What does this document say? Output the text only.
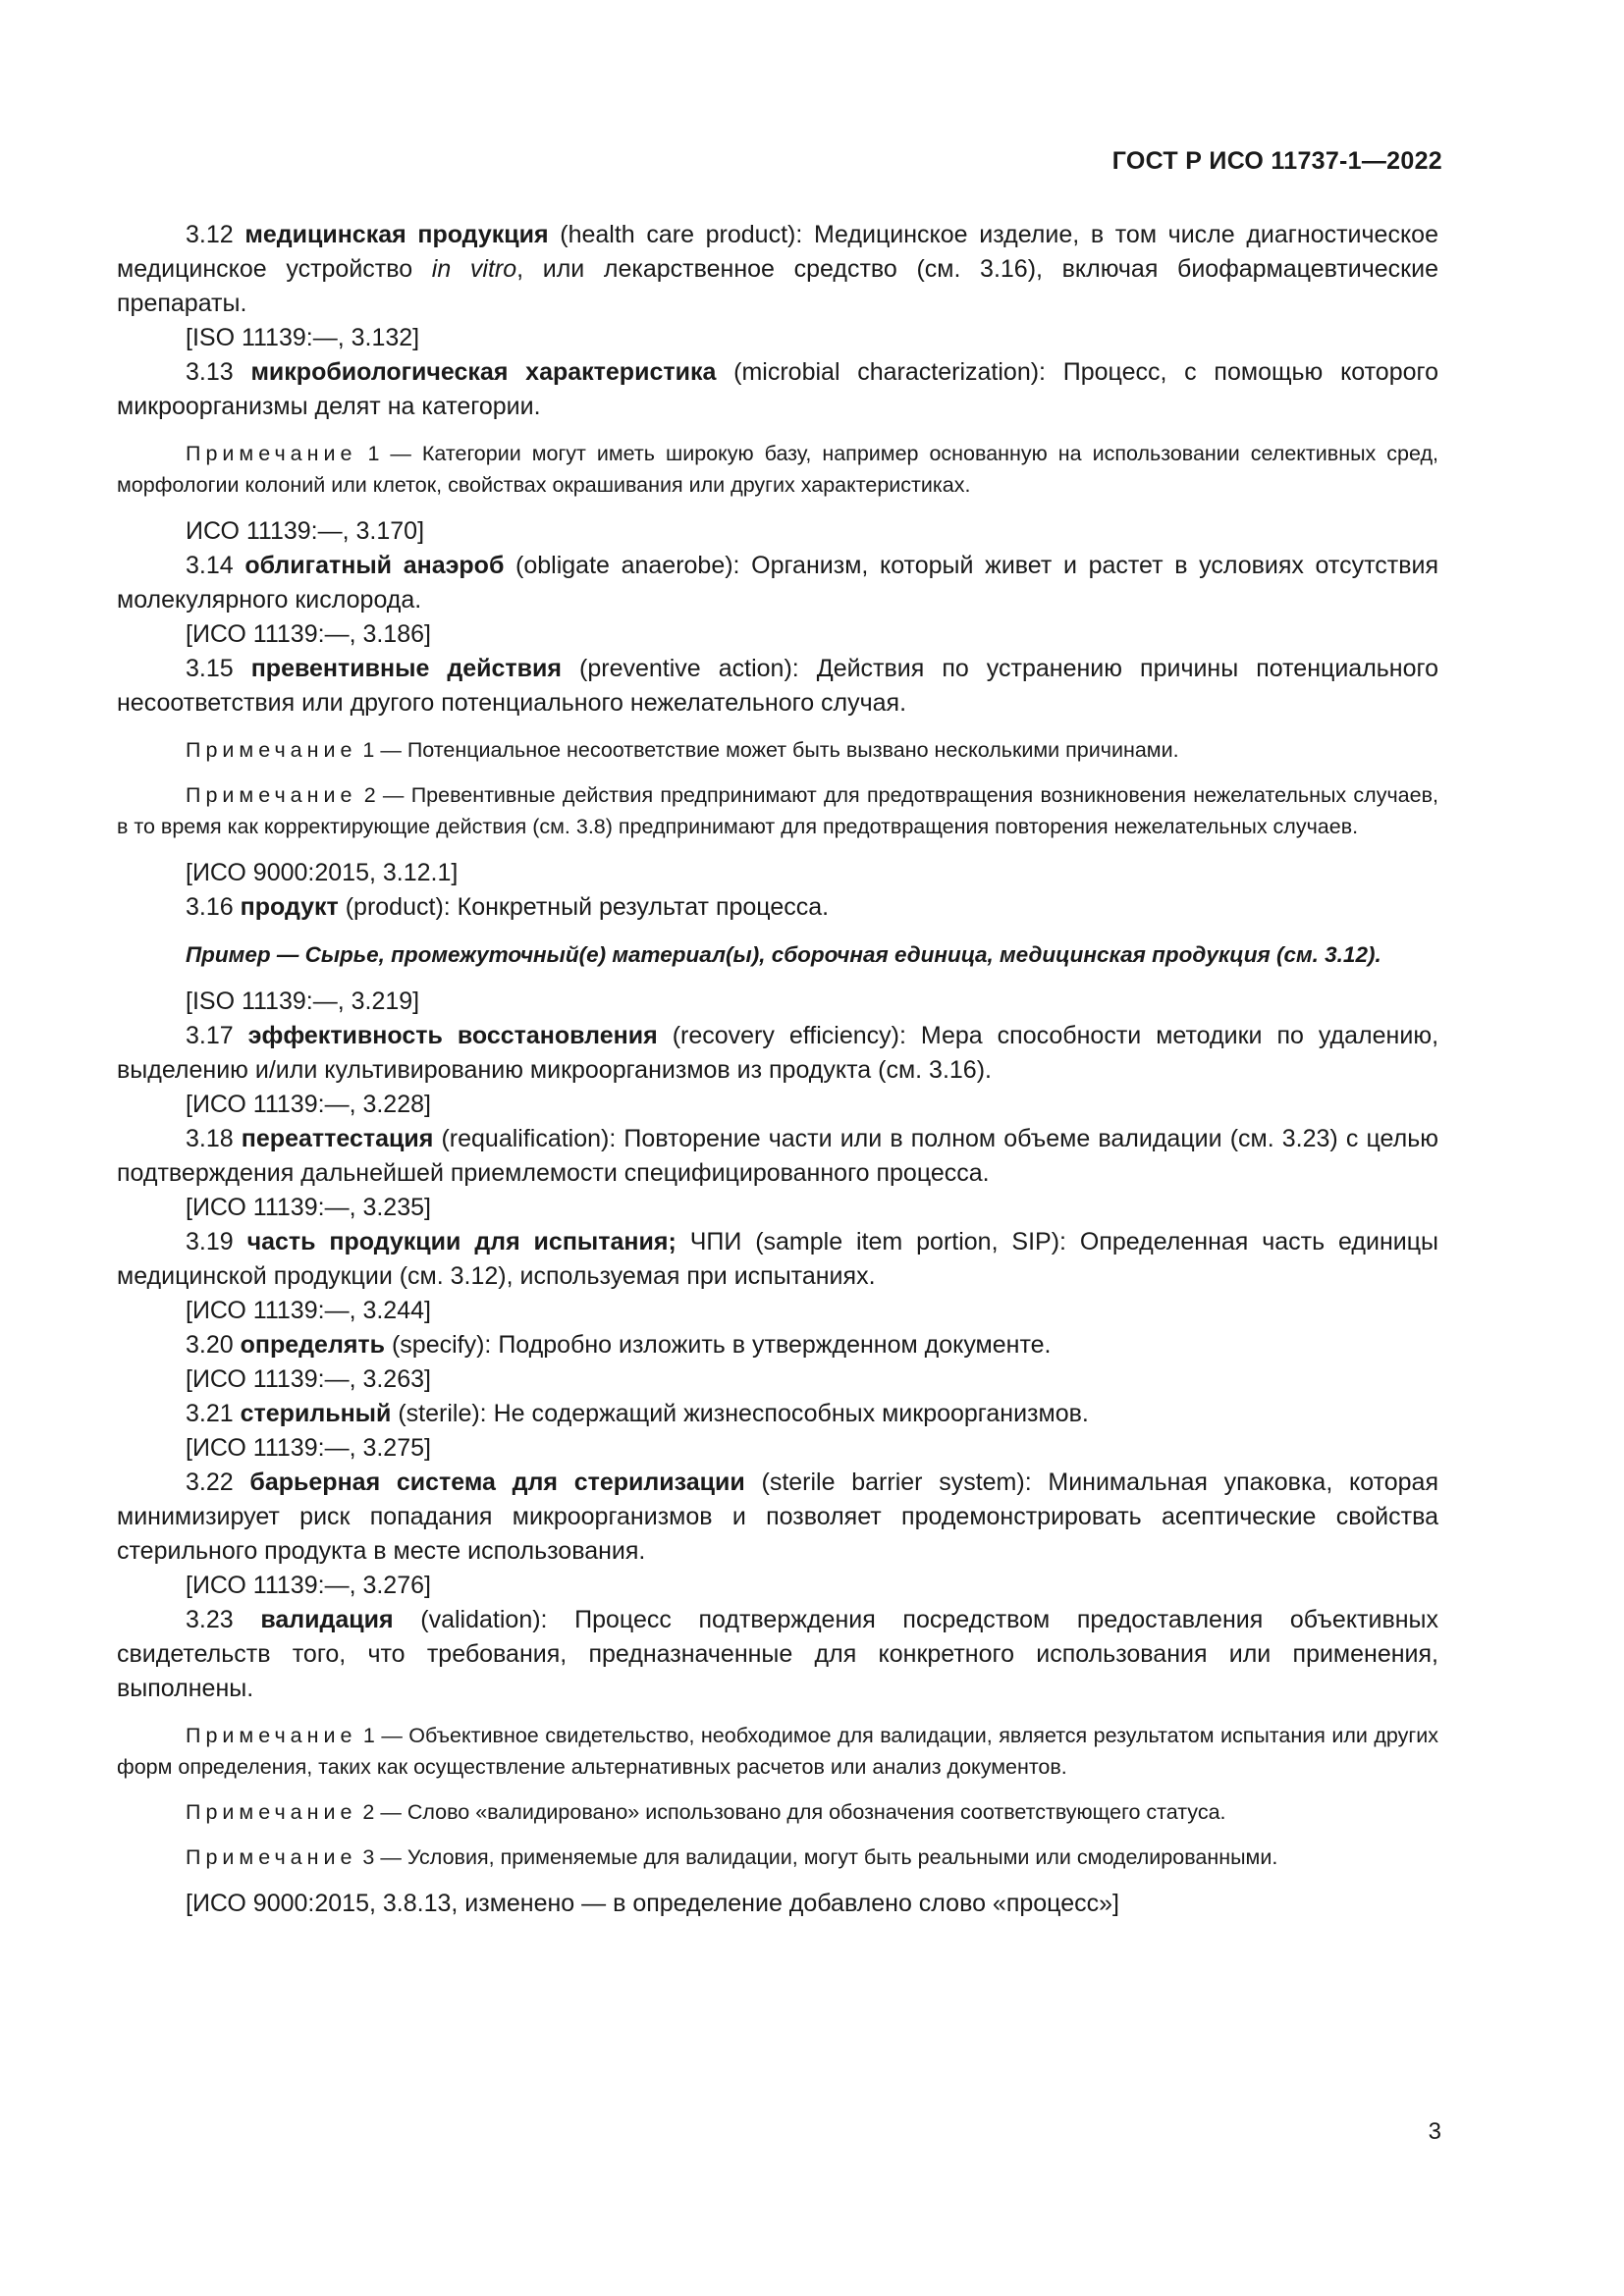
ГОСТ Р ИСО 11737-1—2022

3.12 медицинская продукция (health care product): Медицинское изделие, в том числе диагностическое медицинское устройство in vitro, или лекарственное средство (см. 3.16), включая биофармацевтические препараты.

[ISO 11139:—, 3.132]

3.13 микробиологическая характеристика (microbial characterization): Процесс, с помощью которого микроорганизмы делят на категории.

Примечание 1 — Категории могут иметь широкую базу, например основанную на использовании селективных сред, морфологии колоний или клеток, свойствах окрашивания или других характеристиках.

ИСО 11139:—, 3.170]

3.14 облигатный анаэроб (obligate anaerobe): Организм, который живет и растет в условиях отсутствия молекулярного кислорода.

[ИСО 11139:—, 3.186]

3.15 превентивные действия (preventive action): Действия по устранению причины потенциального несоответствия или другого потенциального нежелательного случая.

Примечание 1 — Потенциальное несоответствие может быть вызвано несколькими причинами.

Примечание 2 — Превентивные действия предпринимают для предотвращения возникновения нежелательных случаев, в то время как корректирующие действия (см. 3.8) предпринимают для предотвращения повторения нежелательных случаев.

[ИСО 9000:2015, 3.12.1]

3.16 продукт (product): Конкретный результат процесса.

Пример — Сырье, промежуточный(е) материал(ы), сборочная единица, медицинская продукция (см. 3.12).

[ISO 11139:—, 3.219]

3.17 эффективность восстановления (recovery efficiency): Мера способности методики по удалению, выделению и/или культивированию микроорганизмов из продукта (см. 3.16).

[ИСО 11139:—, 3.228]

3.18 переаттестация (requalification): Повторение части или в полном объеме валидации (см. 3.23) с целью подтверждения дальнейшей приемлемости специфицированного процесса.

[ИСО 11139:—, 3.235]

3.19 часть продукции для испытания; ЧПИ (sample item portion, SIP): Определенная часть единицы медицинской продукции (см. 3.12), используемая при испытаниях.

[ИСО 11139:—, 3.244]

3.20 определять (specify): Подробно изложить в утвержденном документе.

[ИСО 11139:—, 3.263]

3.21 стерильный (sterile): Не содержащий жизнеспособных микроорганизмов.

[ИСО 11139:—, 3.275]

3.22 барьерная система для стерилизации (sterile barrier system): Минимальная упаковка, которая минимизирует риск попадания микроорганизмов и позволяет продемонстрировать асептические свойства стерильного продукта в месте использования.

[ИСО 11139:—, 3.276]

3.23 валидация (validation): Процесс подтверждения посредством предоставления объективных свидетельств того, что требования, предназначенные для конкретного использования или применения, выполнены.

Примечание 1 — Объективное свидетельство, необходимое для валидации, является результатом испытания или других форм определения, таких как осуществление альтернативных расчетов или анализ документов.

Примечание 2 — Слово «валидировано» использовано для обозначения соответствующего статуса.

Примечание 3 — Условия, применяемые для валидации, могут быть реальными или смоделированными.

[ИСО 9000:2015, 3.8.13, изменено — в определение добавлено слово «процесс»]

3
